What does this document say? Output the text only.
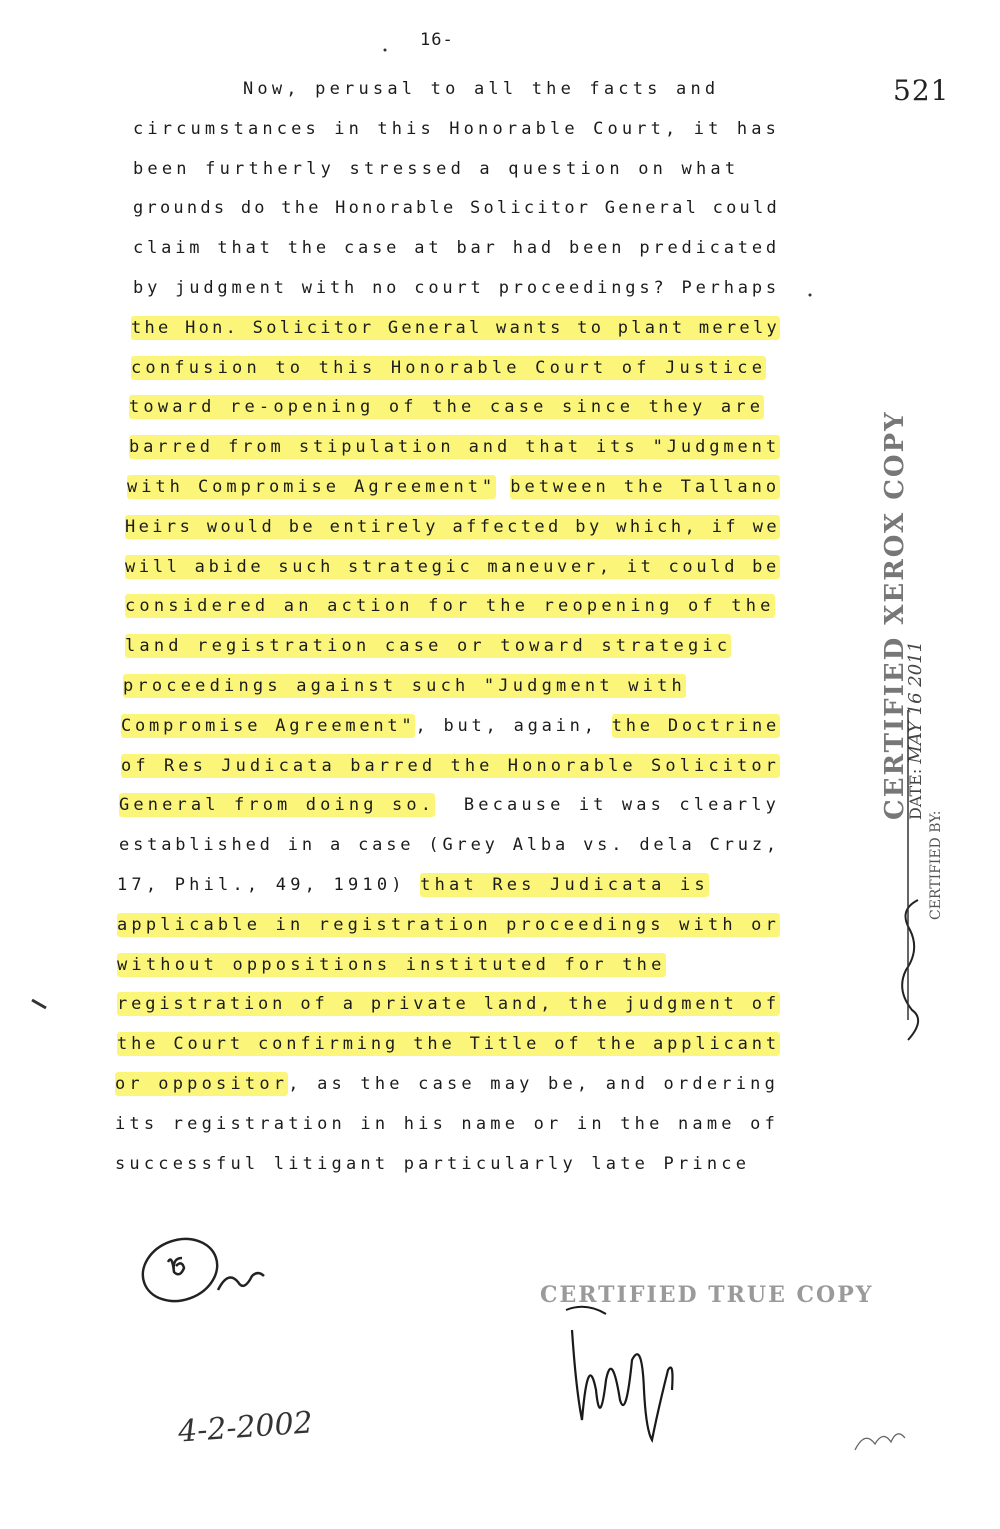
16-
521
Now, perusal to all the facts and
circumstances in this Honorable Court, it has
been furtherly stressed a question on what
grounds do the Honorable Solicitor General could
claim that the case at bar had been predicated
by judgment with no court proceedings? Perhaps
the Hon. Solicitor General wants to plant merely
confusion to this Honorable Court of Justice
toward re-opening of the case since they are
barred from stipulation and that its "Judgment
with Compromise Agreement" between the Tallano
Heirs would be entirely affected by which, if we
will abide such strategic maneuver, it could be
considered an action for the reopening of the
land registration case or toward strategic
proceedings against such "Judgment with
Compromise Agreement", but, again, the Doctrine
of Res Judicata barred the Honorable Solicitor
General from doing so.  Because it was clearly
established in a case (Grey Alba vs. dela Cruz,
17, Phil., 49, 1910) that Res Judicata is
applicable in registration proceedings with or
without oppositions instituted for the
registration of a private land, the judgment of
the Court confirming the Title of the applicant
or oppositor, as the case may be, and ordering
its registration in his name or in the name of
successful litigant particularly late Prince
CERTIFIED XEROX COPY
DATE: MAY 16 2011
CERTIFIED BY:
CERTIFIED TRUE COPY
4-2-2002
